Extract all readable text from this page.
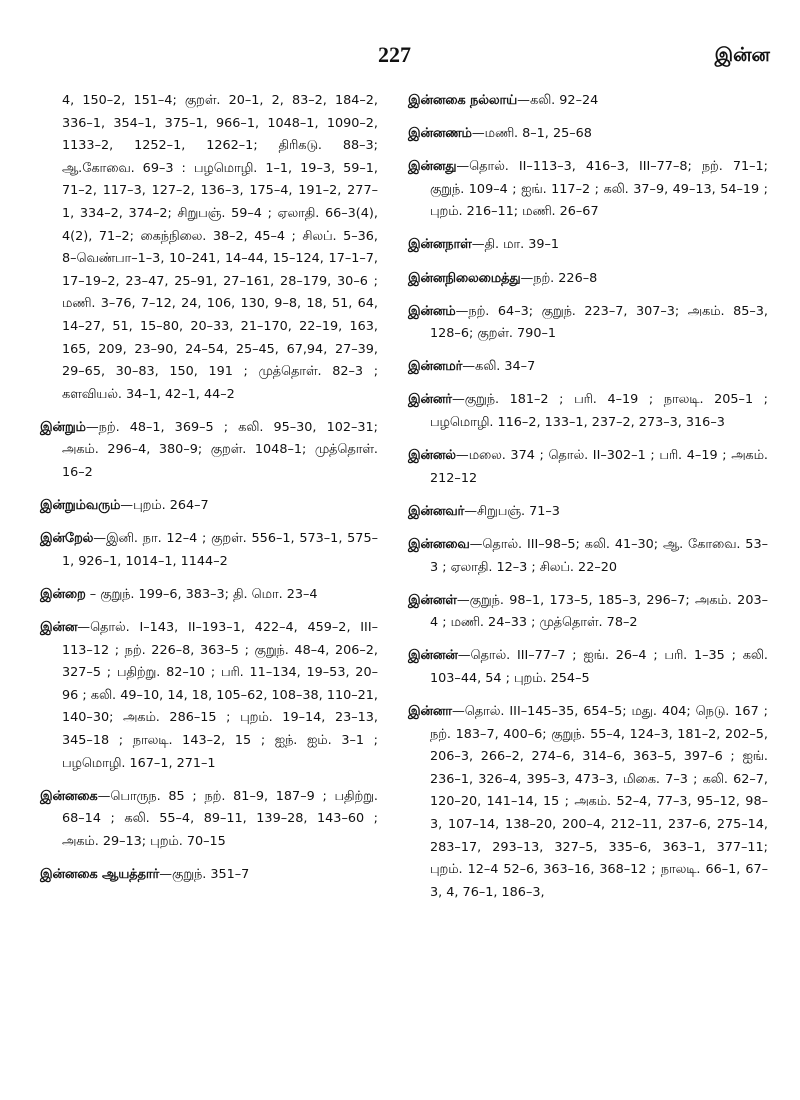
227	இன்ன

4, 150–2, 151–4; குறள். 20–1, 2, 83–2, 184–2, 336–1, 354–1, 375–1, 966–1, 1048–1, 1090–2, 1133–2, 1252–1, 1262–1; திரிகடு. 88–3; ஆ.கோவை. 69–3 : பழமொழி. 1–1, 19–3, 59–1, 71–2, 117–3, 127–2, 136–3, 175–4, 191–2, 277–1, 334–2, 374–2; சிறுபஞ். 59–4 ; ஏலாதி. 66–3(4), 4(2), 71–2; கைந்நிலை. 38–2, 45–4 ; சிலப். 5–36, 8–வெண்பா–1–3, 10–241, 14–44, 15–124, 17–1–7, 17–19–2, 23–47, 25–91, 27–161, 28–179, 30–6 ; மணி. 3–76, 7–12, 24, 106, 130, 9–8, 18, 51, 64, 14–27, 51, 15–80, 20–33, 21–170, 22–19, 163, 165, 209, 23–90, 24–54, 25–45, 67,94, 27–39, 29–65, 30–83, 150, 191 ; முத்தொள். 82–3 ; களவியல். 34–1, 42–1, 44–2

இன்றும்—நற். 48–1, 369–5 ; கலி. 95–30, 102–31; அகம். 296–4, 380–9; குறள். 1048–1; முத்தொள். 16–2

இன்றும்வரும்—புறம். 264–7

இன்றேல்—இனி. நா. 12–4 ; குறள். 556–1, 573–1, 575–1, 926–1, 1014–1, 1144–2

இன்றை – குறுந். 199–6, 383–3; தி. மொ. 23–4

இன்ன—தொல். I–143, II–193–1, 422–4, 459–2, III–113–12 ; நற். 226–8, 363–5 ; குறுந். 48–4, 206–2, 327–5 ; பதிற்று. 82–10 ; பரி. 11–134, 19–53, 20–96 ; கலி. 49–10, 14, 18, 105–62, 108–38, 110–21, 140–30; அகம். 286–15 ; புறம். 19–14, 23–13, 345–18 ; நாலடி. 143–2, 15 ; ஐந். ஐம். 3–1 ; பழமொழி. 167–1, 271–1

இன்னகை—பொருந. 85 ; நற். 81–9, 187–9 ; பதிற்று. 68–14 ; கலி. 55–4, 89–11, 139–28, 143–60 ; அகம். 29–13; புறம். 70–15

இன்னகை ஆயத்தார்—குறுந். 351–7

இன்னகை நல்லாய்—கலி. 92–24

இன்னணம்—மணி. 8–1, 25–68

இன்னது—தொல். II–113–3, 416–3, III–77–8; நற். 71–1; குறுந். 109–4 ; ஐங். 117–2 ; கலி. 37–9, 49–13, 54–19 ; புறம். 216–11; மணி. 26–67

இன்னநாள்—தி. மா. 39–1

இன்னநிலைமைத்து—நற். 226–8

இன்னம்—நற். 64–3; குறுந். 223–7, 307–3; அகம். 85–3, 128–6; குறள். 790–1

இன்னமர்—கலி. 34–7

இன்னர்—குறுந். 181–2 ; பரி. 4–19 ; நாலடி. 205–1 ; பழமொழி. 116–2, 133–1, 237–2, 273–3, 316–3

இன்னல்—மலை. 374 ; தொல். II–302–1 ; பரி. 4–19 ; அகம். 212–12

இன்னவர்—சிறுபஞ். 71–3

இன்னவை—தொல். III–98–5; கலி. 41–30; ஆ. கோவை. 53–3 ; ஏலாதி. 12–3 ; சிலப். 22–20

இன்னள்—குறுந். 98–1, 173–5, 185–3, 296–7; அகம். 203–4 ; மணி. 24–33 ; முத்தொள். 78–2

இன்னன்—தொல். III–77–7 ; ஐங். 26–4 ; பரி. 1–35 ; கலி. 103–44, 54 ; புறம். 254–5

இன்னா—தொல். III–145–35, 654–5; மது. 404; நெடு. 167 ; நற். 183–7, 400–6; குறுந். 55–4, 124–3, 181–2, 202–5, 206–3, 266–2, 274–6, 314–6, 363–5, 397–6 ; ஐங். 236–1, 326–4, 395–3, 473–3, மிகை. 7–3 ; கலி. 62–7, 120–20, 141–14, 15 ; அகம். 52–4, 77–3, 95–12, 98–3, 107–14, 138–20, 200–4, 212–11, 237–6, 275–14, 283–17, 293–13, 327–5, 335–6, 363–1, 377–11; புறம். 12–4 52–6, 363–16, 368–12 ; நாலடி. 66–1, 67–3, 4, 76–1, 186–3,
